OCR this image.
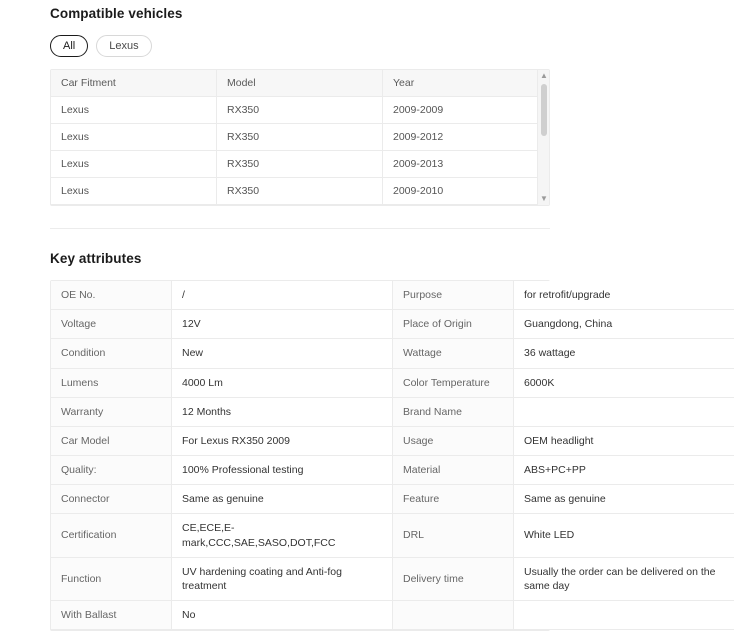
Compatible vehicles
All	Lexus
Car Fitment	Model	Year
Lexus	RX350	2009-2009
Lexus	RX350	2009-2012
Lexus	RX350	2009-2013
Lexus	RX350	2009-2010
▲
▼
Key attributes
OE No.	/	Purpose	for retrofit/upgrade
Voltage	12V	Place of Origin	Guangdong, China
Condition	New	Wattage	36 wattage
Lumens	4000 Lm	Color Temperature	6000K
Warranty	12 Months	Brand Name	
Car Model	For Lexus RX350 2009	Usage	OEM headlight
Quality:	100% Professional testing	Material	ABS+PC+PP
Connector	Same as genuine	Feature	Same as genuine
Certification	CE,ECE,E-mark,CCC,SAE,SASO,DOT,FCC	DRL	White LED
Function	UV hardening coating and Anti-fog treatment	Delivery time	Usually the order can be delivered on the same day
With Ballast	No		
